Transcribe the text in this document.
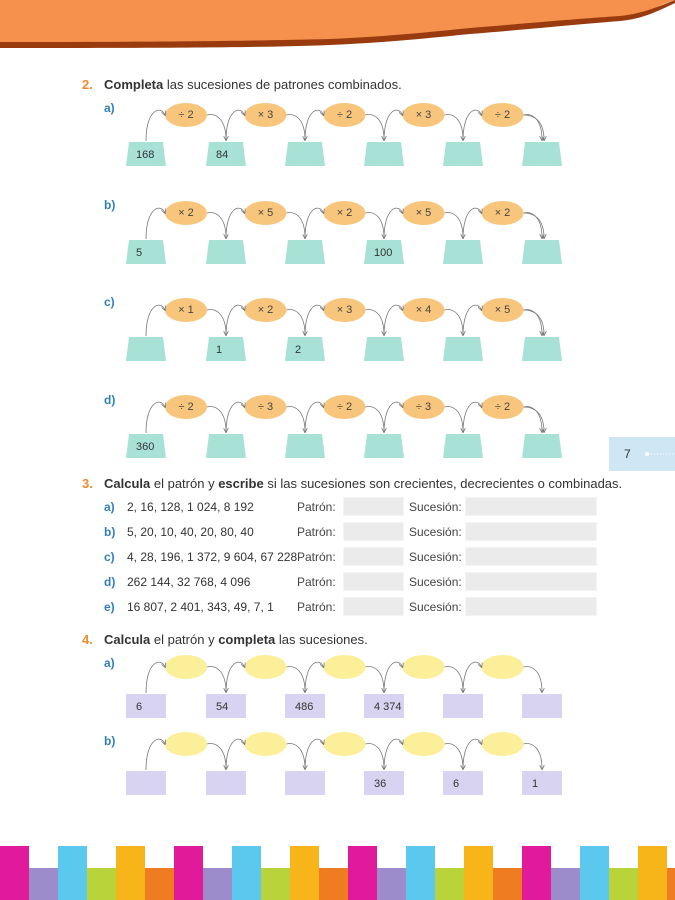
2. Completa las sucesiones de patrones combinados.
a)
b)
c)
d)
÷ 2	× 3	÷ 2	× 3	÷ 2
× 2	× 5	× 2	× 5	× 2
× 1	× 2	× 3	× 4	× 5
÷ 2	÷ 3	÷ 2	÷ 3	÷ 2
168	84
5	100
1	2
360	7
3. Calcula el patrón y escribe si las sucesiones son crecientes, decrecientes o combinadas.
a) 2, 16, 128, 1 024, 8 192	Patrón:	Sucesión:
b) 5, 20, 10, 40, 20, 80, 40	Patrón:	Sucesión:
c) 4, 28, 196, 1 372, 9 604, 67 228 Patrón:	Sucesión:
d) 262 144, 32 768, 4 096	Patrón:	Sucesión:
e) 16 807, 2 401, 343, 49, 7, 1 Patrón:	Sucesión:
4. Calcula el patrón y completa las sucesiones.
a)
b)
6	54	486	4 374
36	6	1
